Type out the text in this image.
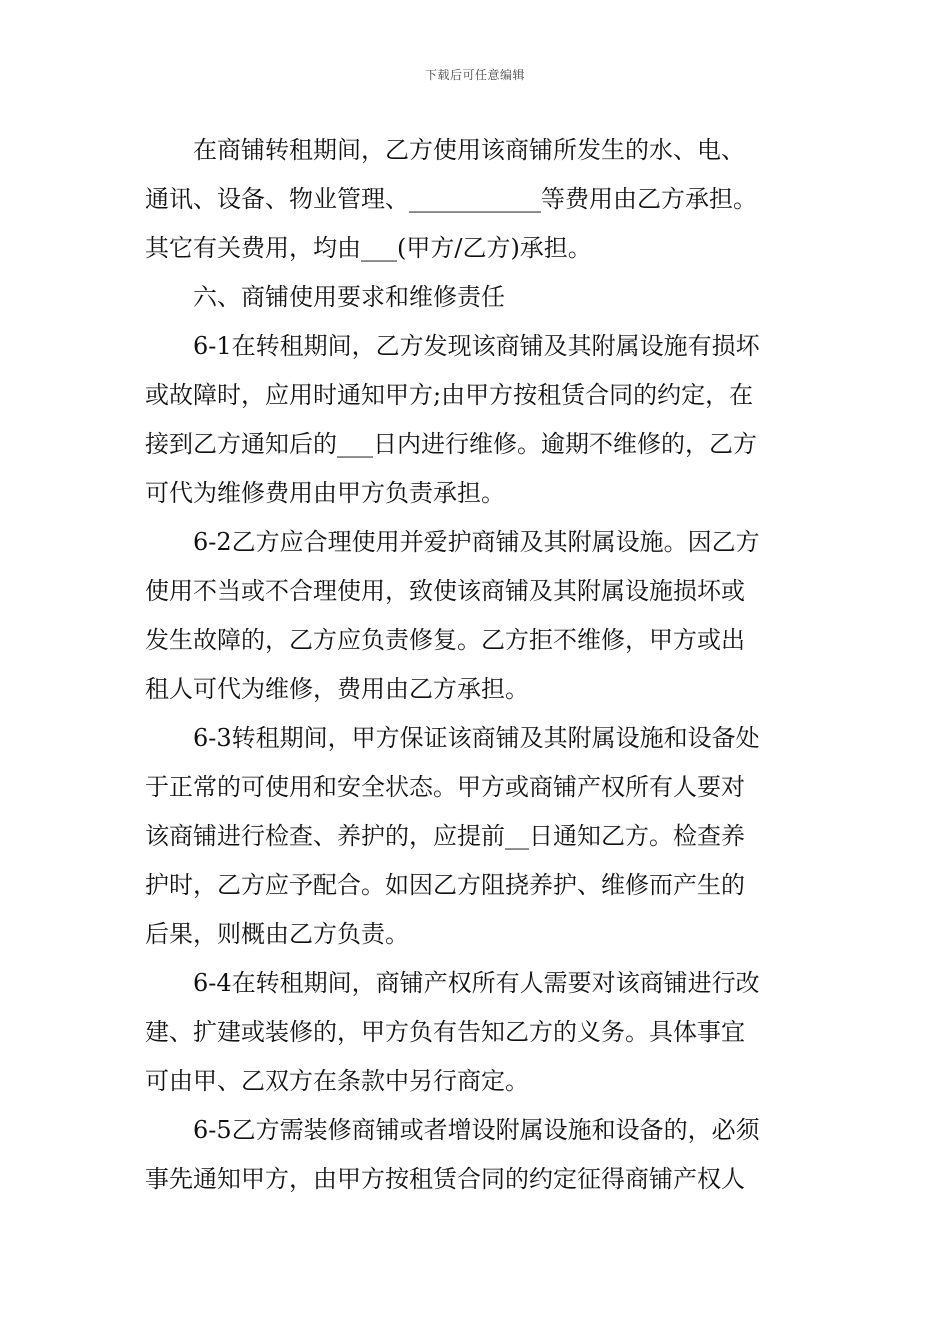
下载后可任意编辑

在商铺转租期间，乙方使用该商铺所发生的水、电、
通讯、设备、物业管理、___________等费用由乙方承担。
其它有关费用，均由___(甲方/乙方)承担。

六、商铺使用要求和维修责任

6-1在转租期间，乙方发现该商铺及其附属设施有损坏
或故障时，应用时通知甲方;由甲方按租赁合同的约定，在
接到乙方通知后的___日内进行维修。逾期不维修的，乙方
可代为维修费用由甲方负责承担。

6-2乙方应合理使用并爱护商铺及其附属设施。因乙方
使用不当或不合理使用，致使该商铺及其附属设施损坏或
发生故障的，乙方应负责修复。乙方拒不维修，甲方或出
租人可代为维修，费用由乙方承担。

6-3转租期间，甲方保证该商铺及其附属设施和设备处
于正常的可使用和安全状态。甲方或商铺产权所有人要对
该商铺进行检查、养护的，应提前__日通知乙方。检查养
护时，乙方应予配合。如因乙方阻挠养护、维修而产生的
后果，则概由乙方负责。

6-4在转租期间，商铺产权所有人需要对该商铺进行改
建、扩建或装修的，甲方负有告知乙方的义务。具体事宜
可由甲、乙双方在条款中另行商定。

6-5乙方需装修商铺或者增设附属设施和设备的，必须
事先通知甲方，由甲方按租赁合同的约定征得商铺产权人
